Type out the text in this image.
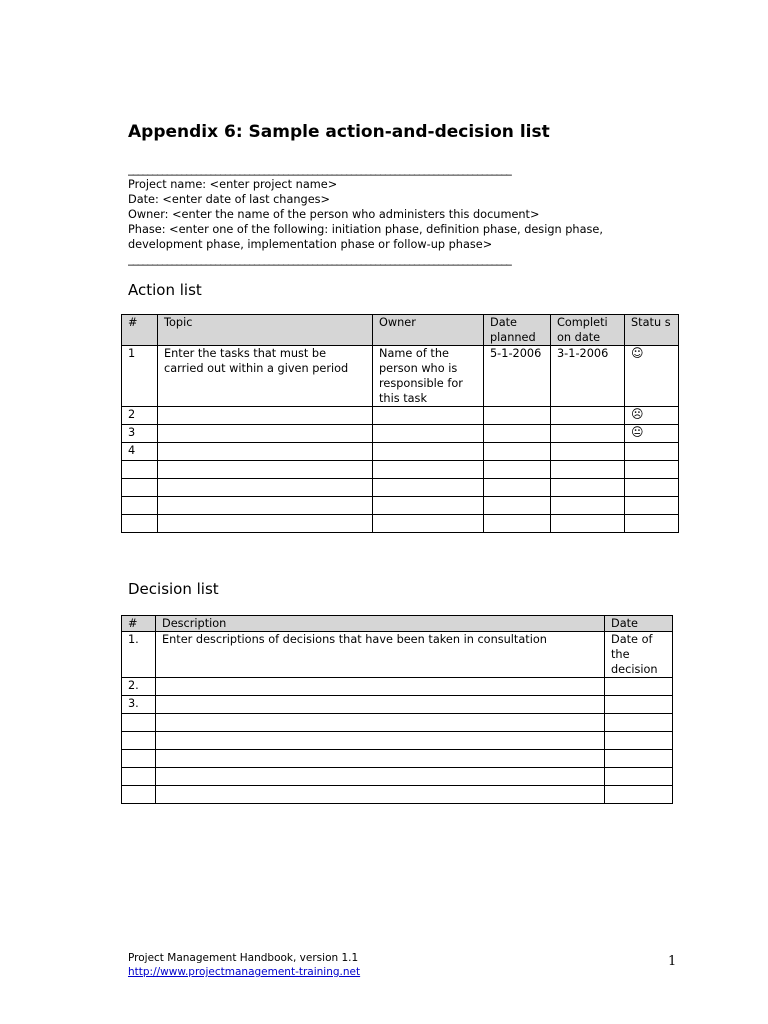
Appendix 6: Sample action-and-decision list
_______________________________________________________________________________
Project name: <enter project name>
Date: <enter date of last changes>
Owner: <enter the name of the person who administers this document>
Phase: <enter one of the following: initiation phase, definition phase, design phase, development phase, implementation phase or follow-up phase>
_______________________________________________________________________________
Action list
#	Topic	Owner	Date planned	Completi on date	Statu s
1	Enter the tasks that must be carried out within a given period	Name of the person who is responsible for this task	5-1-2006	3-1-2006	☺
2					☹
3					😐
4					

Decision list
#	Description	Date
1.	Enter descriptions of decisions that have been taken in consultation	Date of the decision
2.		
3.		

Project Management Handbook, version 1.1
http://www.projectmanagement-training.net
1
